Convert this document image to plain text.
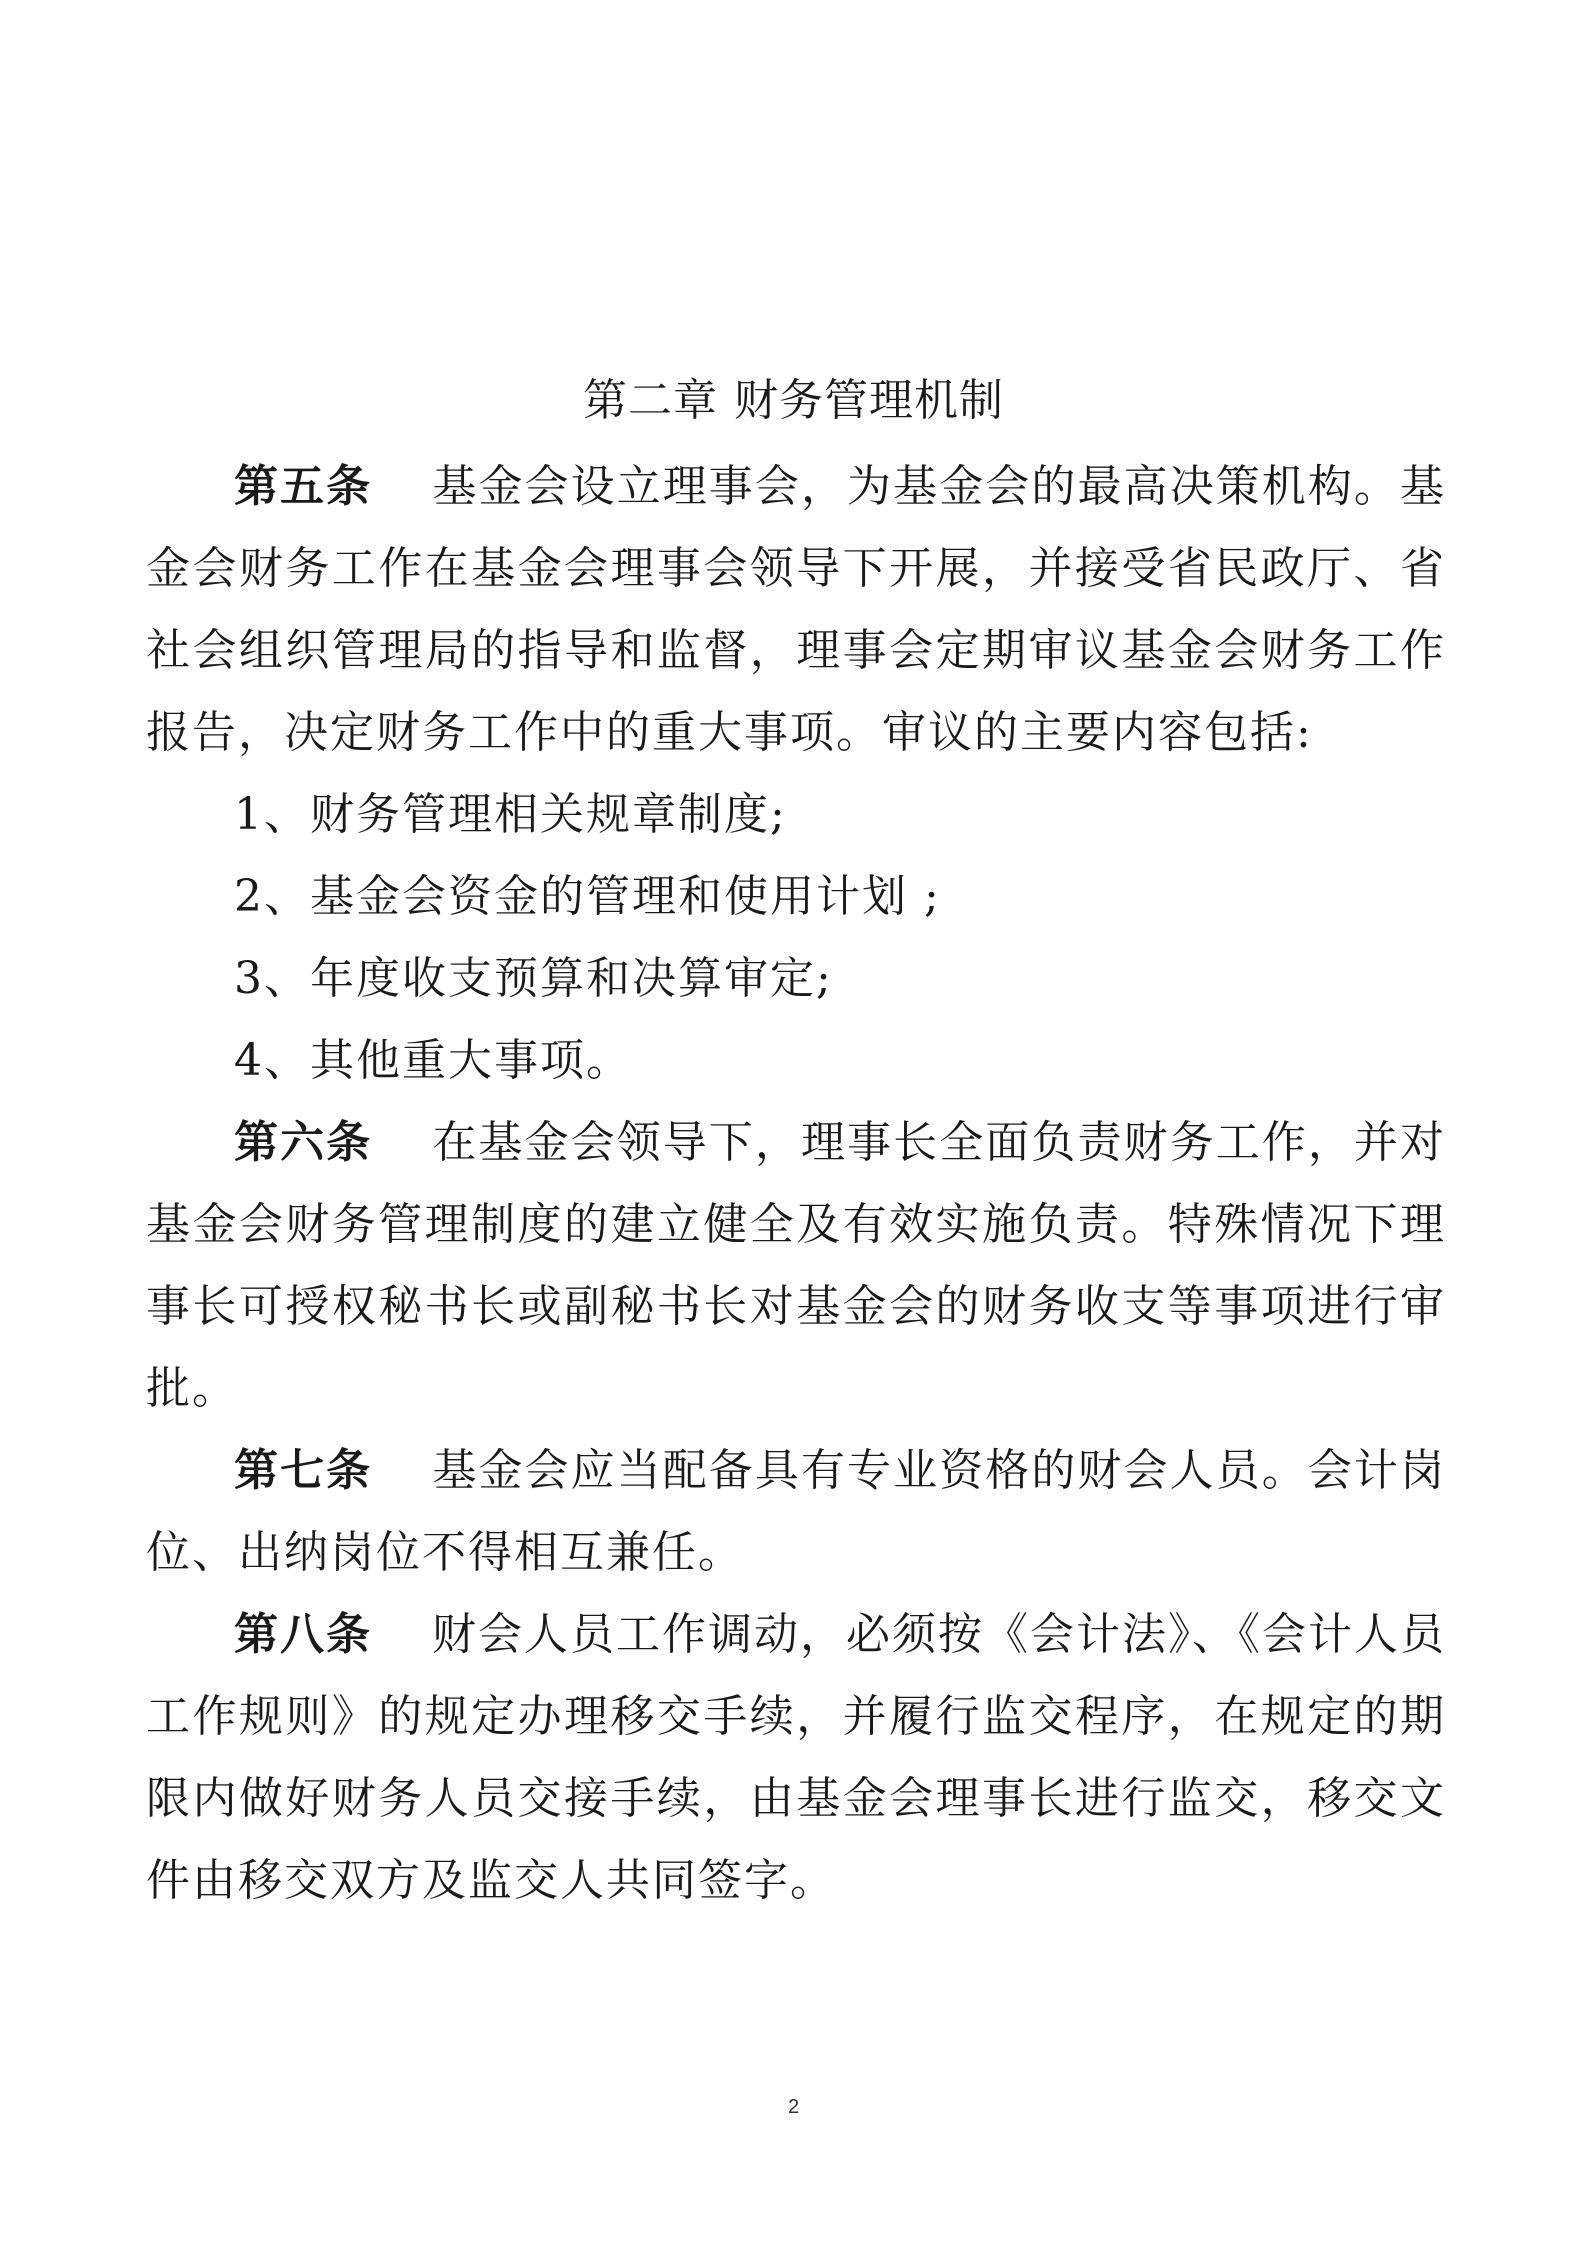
第二章 财务管理机制

第五条 基金会设立理事会，为基金会的最高决策机构。基金会财务工作在基金会理事会领导下开展，并接受省民政厅、省社会组织管理局的指导和监督，理事会定期审议基金会财务工作报告，决定财务工作中的重大事项。审议的主要内容包括:

1、财务管理相关规章制度;

2、基金会资金的管理和使用计划 ;

3、年度收支预算和决算审定;

4、其他重大事项。

第六条 在基金会领导下，理事长全面负责财务工作，并对基金会财务管理制度的建立健全及有效实施负责。特殊情况下理事长可授权秘书长或副秘书长对基金会的财务收支等事项进行审批。

第七条 基金会应当配备具有专业资格的财会人员。会计岗位、出纳岗位不得相互兼任。

第八条 财会人员工作调动，必须按《会计法》、《会计人员工作规则》的规定办理移交手续，并履行监交程序，在规定的期限内做好财务人员交接手续，由基金会理事长进行监交，移交文件由移交双方及监交人共同签字。

2
